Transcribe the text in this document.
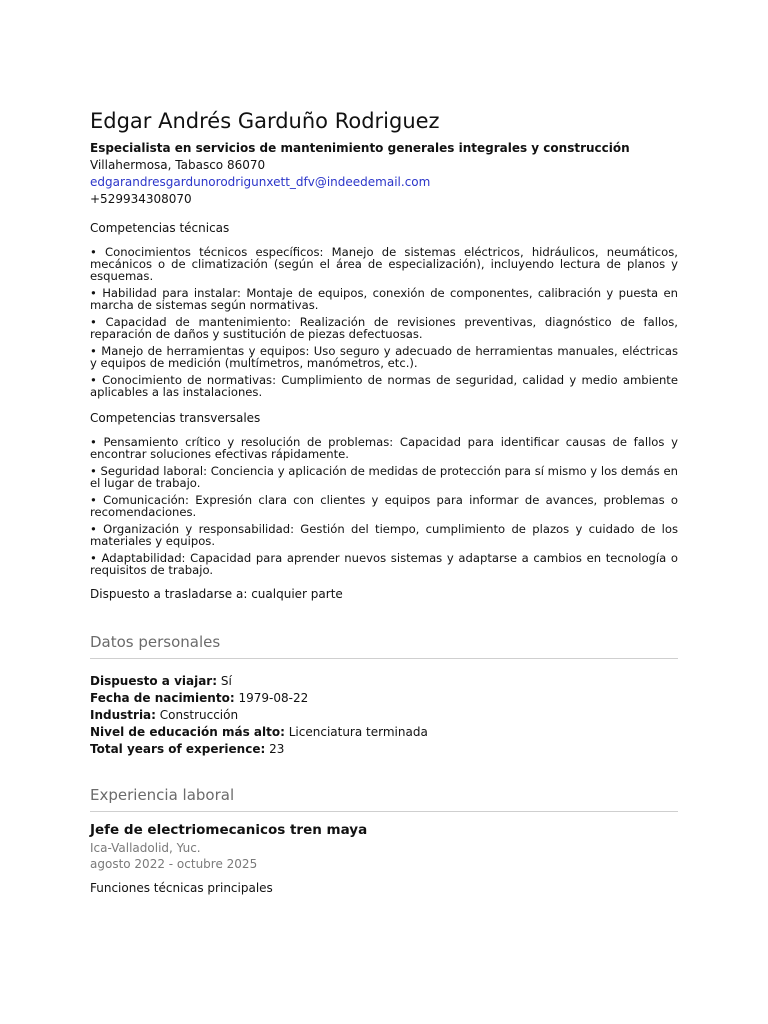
Edgar Andrés Garduño Rodriguez
Especialista en servicios de mantenimiento generales integrales y construcción
Villahermosa, Tabasco 86070
edgarandresgardunorodrigunxett_dfv@indeedemail.com
+529934308070
Competencias técnicas
• Conocimientos técnicos específicos: Manejo de sistemas eléctricos, hidráulicos, neumáticos, mecánicos o de climatización (según el área de especialización), incluyendo lectura de planos y esquemas.
• Habilidad para instalar: Montaje de equipos, conexión de componentes, calibración y puesta en marcha de sistemas según normativas.
• Capacidad de mantenimiento: Realización de revisiones preventivas, diagnóstico de fallos, reparación de daños y sustitución de piezas defectuosas.
• Manejo de herramientas y equipos: Uso seguro y adecuado de herramientas manuales, eléctricas y equipos de medición (multímetros, manómetros, etc.).
• Conocimiento de normativas: Cumplimiento de normas de seguridad, calidad y medio ambiente aplicables a las instalaciones.
Competencias transversales
• Pensamiento crítico y resolución de problemas: Capacidad para identificar causas de fallos y encontrar soluciones efectivas rápidamente.
• Seguridad laboral: Conciencia y aplicación de medidas de protección para sí mismo y los demás en el lugar de trabajo.
• Comunicación: Expresión clara con clientes y equipos para informar de avances, problemas o recomendaciones.
• Organización y responsabilidad: Gestión del tiempo, cumplimiento de plazos y cuidado de los materiales y equipos.
• Adaptabilidad: Capacidad para aprender nuevos sistemas y adaptarse a cambios en tecnología o requisitos de trabajo.
Dispuesto a trasladarse a: cualquier parte
Datos personales
Dispuesto a viajar: Sí
Fecha de nacimiento: 1979-08-22
Industria: Construcción
Nivel de educación más alto: Licenciatura terminada
Total years of experience: 23
Experiencia laboral
Jefe de electriomecanicos tren maya
Ica-Valladolid, Yuc.
agosto 2022 - octubre 2025
Funciones técnicas principales
